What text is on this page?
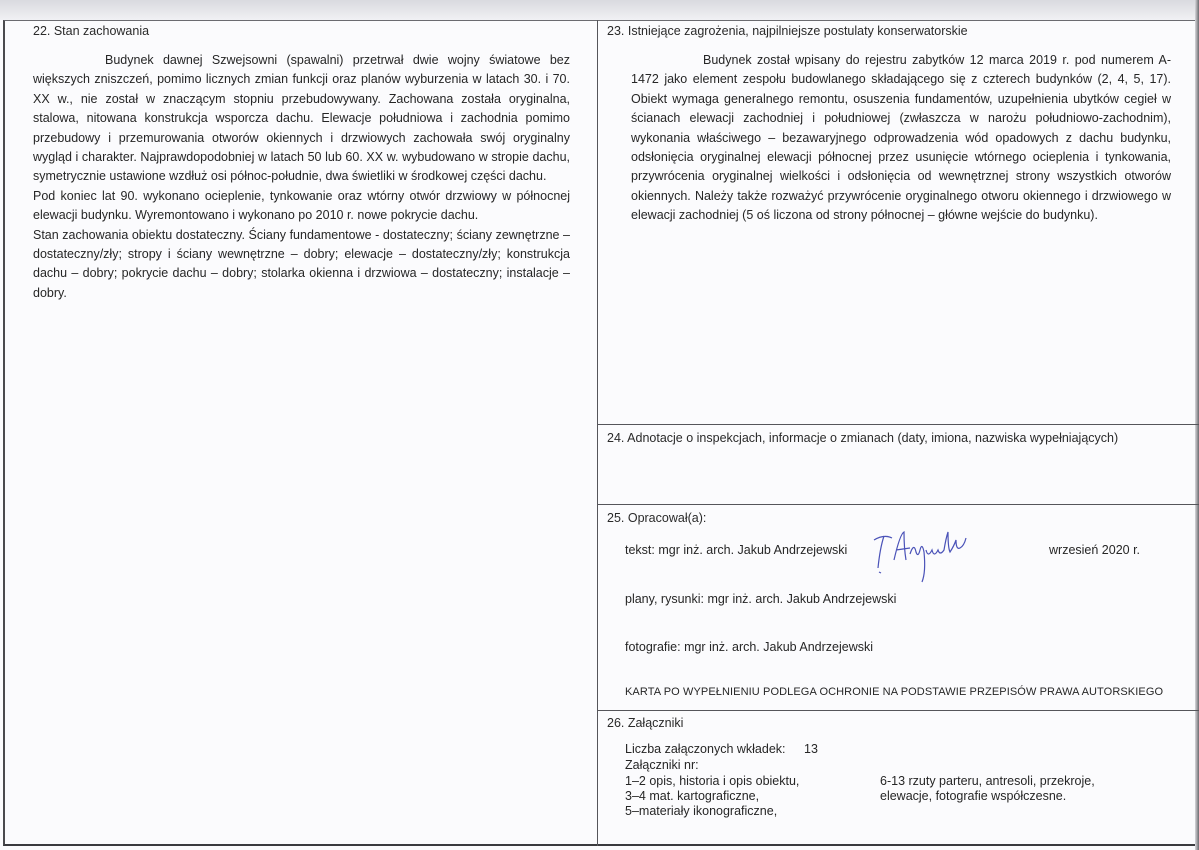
22. Stan zachowania

Budynek dawnej Szwejsowni (spawalni) przetrwał dwie wojny światowe bez większych zniszczeń, pomimo licznych zmian funkcji oraz planów wyburzenia w latach 30. i 70. XX w., nie został w znaczącym stopniu przebudowywany. Zachowana została oryginalna, stalowa, nitowana konstrukcja wsporcza dachu. Elewacje południowa i zachodnia pomimo przebudowy i przemurowania otworów okiennych i drzwiowych zachowała swój oryginalny wygląd i charakter. Najprawdopodobniej w latach 50 lub 60. XX w. wybudowano w stropie dachu, symetrycznie ustawione wzdłuż osi północ-południe, dwa świetliki w środkowej części dachu.

Pod koniec lat 90. wykonano ocieplenie, tynkowanie oraz wtórny otwór drzwiowy w północnej elewacji budynku. Wyremontowano i wykonano po 2010 r. nowe pokrycie dachu.

Stan zachowania obiektu dostateczny. Ściany fundamentowe - dostateczny; ściany zewnętrzne – dostateczny/zły; stropy i ściany wewnętrzne – dobry; elewacje – dostateczny/zły; konstrukcja dachu – dobry; pokrycie dachu – dobry; stolarka okienna i drzwiowa – dostateczny; instalacje – dobry.

23. Istniejące zagrożenia, najpilniejsze postulaty konserwatorskie

Budynek został wpisany do rejestru zabytków 12 marca 2019 r. pod numerem A-1472 jako element zespołu budowlanego składającego się z czterech budynków (2, 4, 5, 17). Obiekt wymaga generalnego remontu, osuszenia fundamentów, uzupełnienia ubytków cegieł w ścianach elewacji zachodniej i południowej (zwłaszcza w narożu południowo-zachodnim), wykonania właściwego – bezawaryjnego odprowadzenia wód opadowych z dachu budynku, odsłonięcia oryginalnej elewacji północnej przez usunięcie wtórnego ocieplenia i tynkowania, przywrócenia oryginalnej wielkości i odsłonięcia od wewnętrznej strony wszystkich otworów okiennych. Należy także rozważyć przywrócenie oryginalnego otworu okiennego i drzwiowego w elewacji zachodniej (5 oś liczona od strony północnej – główne wejście do budynku).

24. Adnotacje o inspekcjach, informacje o zmianach (daty, imiona, nazwiska wypełniających)
25. Opracował(a):
tekst: mgr inż. arch. Jakub Andrzejewski	wrzesień 2020 r.
plany, rysunki: mgr inż. arch. Jakub Andrzejewski
fotografie: mgr inż. arch. Jakub Andrzejewski
KARTA PO WYPEŁNIENIU PODLEGA OCHRONIE NA PODSTAWIE PRZEPISÓW PRAWA AUTORSKIEGO
26. Załączniki
Liczba załączonych wkładek: 13
Załączniki nr:
1–2 opis, historia i opis obiektu,
3–4 mat. kartograficzne,
5–materiały ikonograficzne,
6-13 rzuty parteru, antresoli, przekroje,
elewacje, fotografie współczesne.
